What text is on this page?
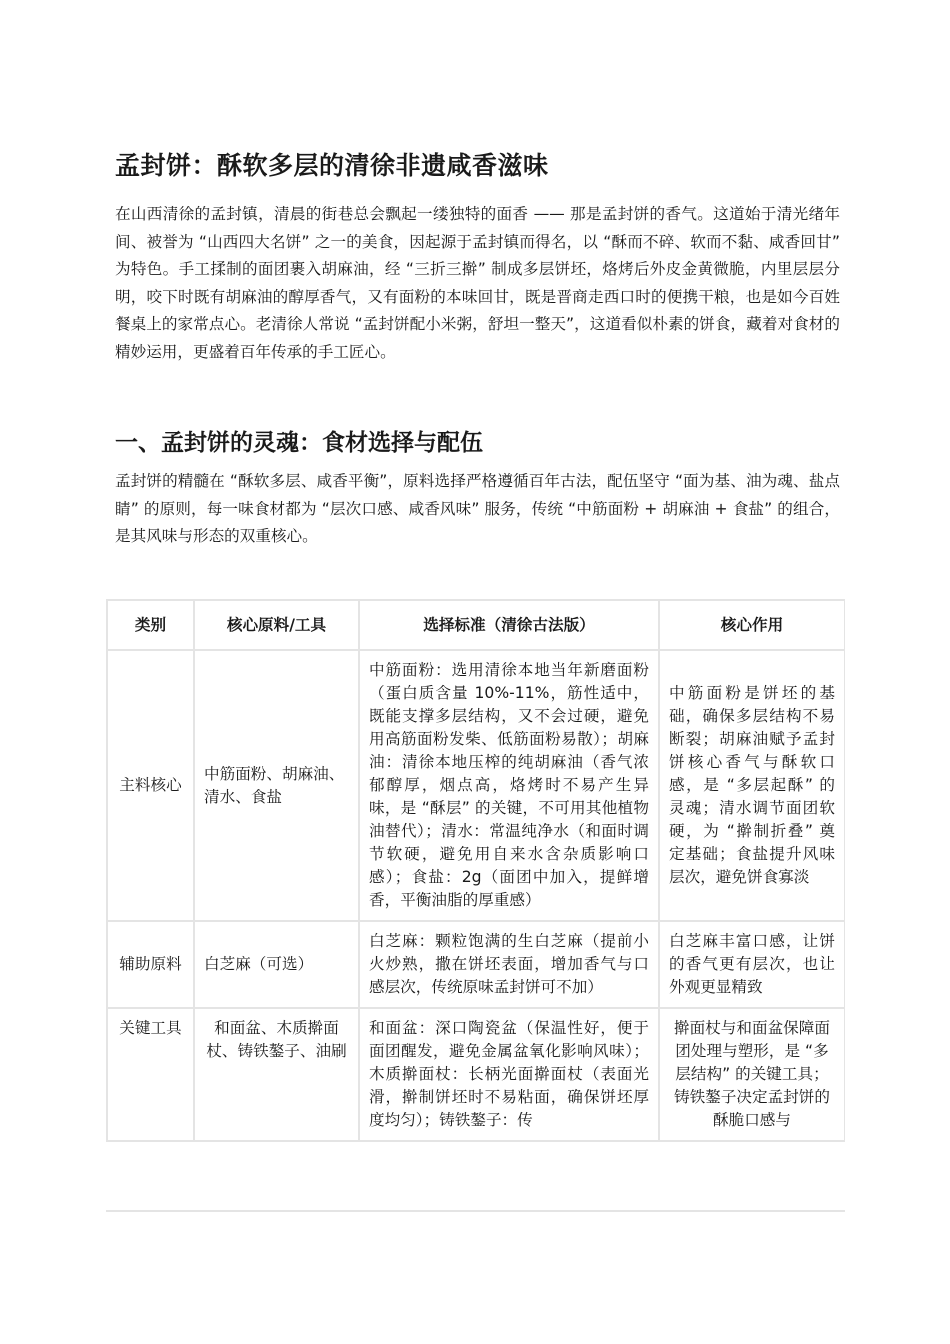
孟封饼：酥软多层的清徐非遗咸香滋味

在山西清徐的孟封镇，清晨的街巷总会飘起一缕独特的面香 —— 那是孟封饼的香气。这道始于清光绪年间、被誉为 “山西四大名饼” 之一的美食，因起源于孟封镇而得名，以 “酥而不碎、软而不黏、咸香回甘” 为特色。手工揉制的面团裹入胡麻油，经 “三折三擀” 制成多层饼坯，烙烤后外皮金黄微脆，内里层层分明，咬下时既有胡麻油的醇厚香气，又有面粉的本味回甘，既是晋商走西口时的便携干粮，也是如今百姓餐桌上的家常点心。老清徐人常说 “孟封饼配小米粥，舒坦一整天”，这道看似朴素的饼食，藏着对食材的精妙运用，更盛着百年传承的手工匠心。

一、孟封饼的灵魂：食材选择与配伍

孟封饼的精髓在 “酥软多层、咸香平衡”，原料选择严格遵循百年古法，配伍坚守 “面为基、油为魂、盐点睛” 的原则，每一味食材都为 “层次口感、咸香风味” 服务，传统 “中筋面粉 + 胡麻油 + 食盐” 的组合，是其风味与形态的双重核心。

类别	核心原料/工具	选择标准（清徐古法版）	核心作用
主料核心	中筋面粉、胡麻油、清水、食盐	中筋面粉：选用清徐本地当年新磨面粉（蛋白质含量 10%-11%，筋性适中，既能支撑多层结构，又不会过硬，避免用高筋面粉发柴、低筋面粉易散）；胡麻油：清徐本地压榨的纯胡麻油（香气浓郁醇厚，烟点高，烙烤时不易产生异味，是 “酥层” 的关键，不可用其他植物油替代）；清水：常温纯净水（和面时调节软硬，避免用自来水含杂质影响口感）；食盐：2g（面团中加入，提鲜增香，平衡油脂的厚重感）	中筋面粉是饼坯的基础，确保多层结构不易断裂；胡麻油赋予孟封饼核心香气与酥软口感，是 “多层起酥” 的灵魂；清水调节面团软硬，为 “擀制折叠” 奠定基础；食盐提升风味层次，避免饼食寡淡
辅助原料	白芝麻（可选）	白芝麻：颗粒饱满的生白芝麻（提前小火炒熟，撒在饼坯表面，增加香气与口感层次，传统原味孟封饼可不加）	白芝麻丰富口感，让饼的香气更有层次，也让外观更显精致
关键工具	和面盆、木质擀面杖、铸铁鏊子、油刷	和面盆：深口陶瓷盆（保温性好，便于面团醒发，避免金属盆氧化影响风味）；木质擀面杖：长柄光面擀面杖（表面光滑，擀制饼坯时不易粘面，确保饼坯厚度均匀）；铸铁鏊子：传	擀面杖与和面盆保障面团处理与塑形，是 “多层结构” 的关键工具；铸铁鏊子决定孟封饼的酥脆口感与
